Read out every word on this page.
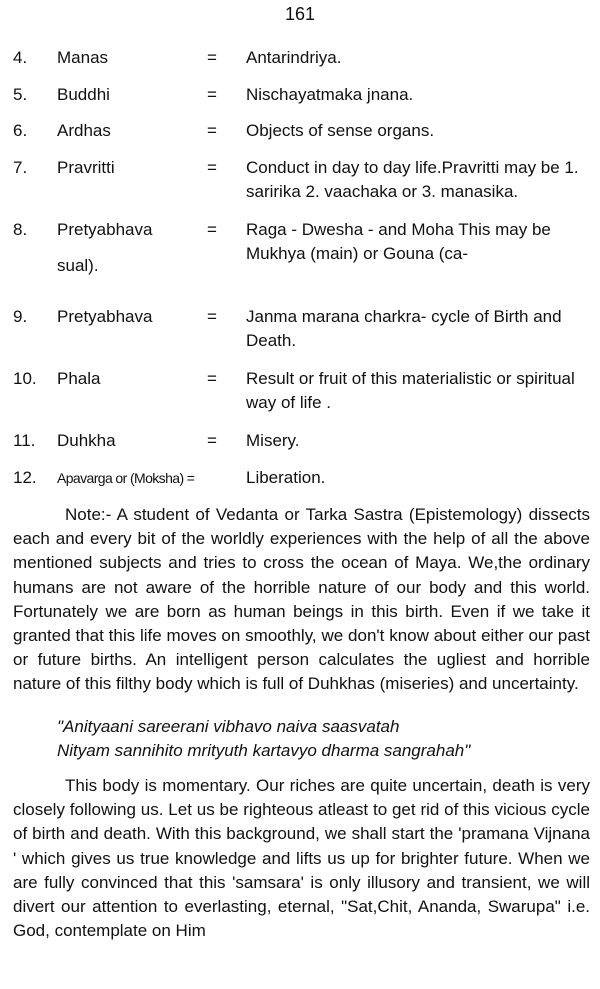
161
4. Manas	= Antarindriya.
5. Buddhi	= Nischayatmaka jnana.
6. Ardhas	= Objects of sense organs.
7. Pravritti	= Conduct in day to day life.Pravritti may be 1. saririka 2. vaachaka or 3. manasika.
8. Pretyabhava	= Raga - Dwesha - and Moha This may be Mukhya (main) or Gouna (ca-
sual).
9. Pretyabhava	= Janma marana charkra- cycle of Birth and Death.
10. Phala	= Result or fruit of this materialistic or spiritual way of life .
11. Duhkha	= Misery.
12. Apavarga or (Moksha) =	Liberation.

Note:- A student of Vedanta or Tarka Sastra (Epistemology) dissects each and every bit of the worldly experiences with the help of all the above mentioned subjects and tries to cross the ocean of Maya. We,the ordinary humans are not aware of the horrible nature of our body and this world. Fortunately we are born as human beings in this birth. Even if we take it granted that this life moves on smoothly, we don't know about either our past or future births. An intelligent person calculates the ugliest and horrible nature of this filthy body which is full of Duhkhas (miseries) and uncertainty.

"Anityaani sareerani vibhavo naiva saasvatah
Nityam sannihito mrityuth kartavyo dharma sangrahah"

This body is momentary. Our riches are quite uncertain, death is very closely following us. Let us be righteous atleast to get rid of this vicious cycle of birth and death. With this background, we shall start the 'pramana Vijnana ' which gives us true knowledge and lifts us up for brighter future. When we are fully convinced that this 'samsara' is only illusory and transient, we will divert our attention to everlasting, eternal, "Sat,Chit, Ananda, Swarupa" i.e. God, contemplate on Him
